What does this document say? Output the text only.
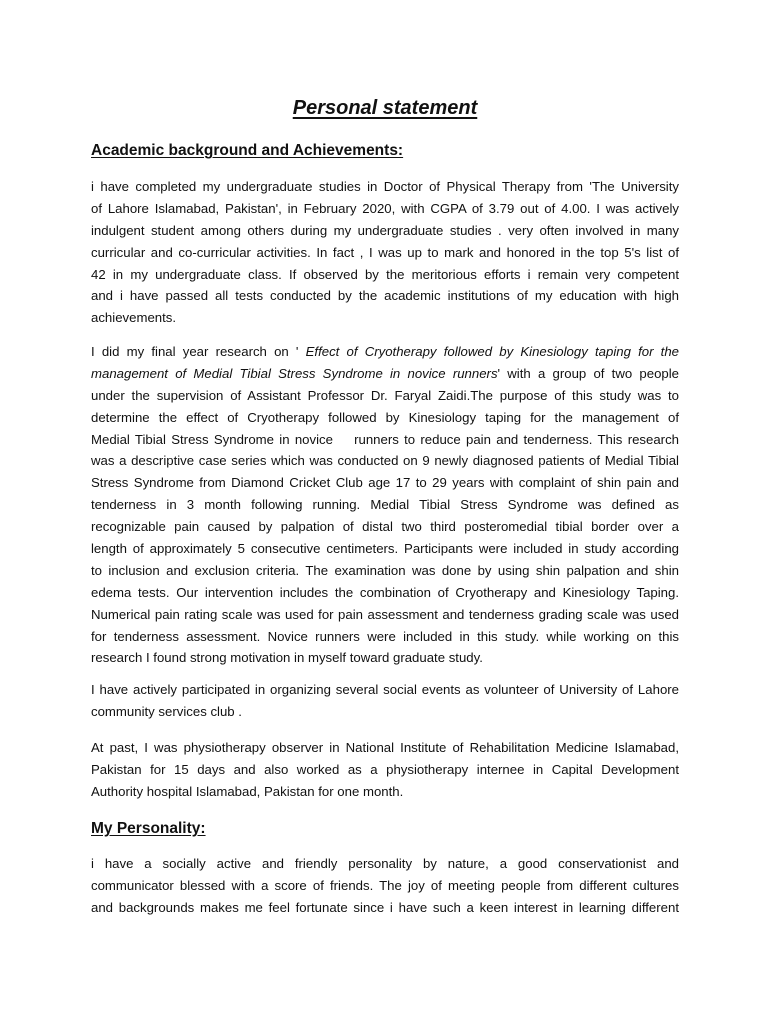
Personal statement
Academic background and Achievements:
i have completed my undergraduate studies in Doctor of Physical Therapy from 'The University
of Lahore Islamabad, Pakistan', in February 2020, with CGPA of 3.79 out of 4.00. I was actively
indulgent student among others during my undergraduate studies . very often involved in many
curricular and co-curricular activities. In fact , I was up to mark and honored in the top 5's list of
42 in my undergraduate class. If observed by the meritorious efforts i remain very competent
and i have passed all tests conducted by the academic institutions of my education with high
achievements.
I did my final year research on ' Effect of Cryotherapy followed by Kinesiology taping for the
management of Medial Tibial Stress Syndrome in novice runners' with a group of two people
under the supervision of Assistant Professor Dr. Faryal Zaidi.The purpose of this study was to
determine the effect of Cryotherapy followed by Kinesiology taping for the management of
Medial Tibial Stress Syndrome in novice    runners to reduce pain and tenderness. This research
was a descriptive case series which was conducted on 9 newly diagnosed patients of Medial Tibial
Stress Syndrome from Diamond Cricket Club age 17 to 29 years with complaint of shin pain and
tenderness in 3 month following running. Medial Tibial Stress Syndrome was defined as
recognizable pain caused by palpation of distal two third posteromedial tibial border over a
length of approximately 5 consecutive centimeters. Participants were included in study according
to inclusion and exclusion criteria. The examination was done by using shin palpation and shin
edema tests. Our intervention includes the combination of Cryotherapy and Kinesiology Taping.
Numerical pain rating scale was used for pain assessment and tenderness grading scale was used
for tenderness assessment. Novice runners were included in this study. while working on this
research I found strong motivation in myself toward graduate study.
I have actively participated in organizing several social events as volunteer of University of Lahore
community services club .
At past, I was physiotherapy observer in National Institute of Rehabilitation Medicine Islamabad,
Pakistan for 15 days and also worked as a physiotherapy internee in Capital Development
Authority hospital Islamabad, Pakistan for one month.
My Personality:
i have a socially active and friendly personality by nature, a good conservationist and
communicator blessed with a score of friends. The joy of meeting people from different cultures
and backgrounds makes me feel fortunate since i have such a keen interest in learning different
